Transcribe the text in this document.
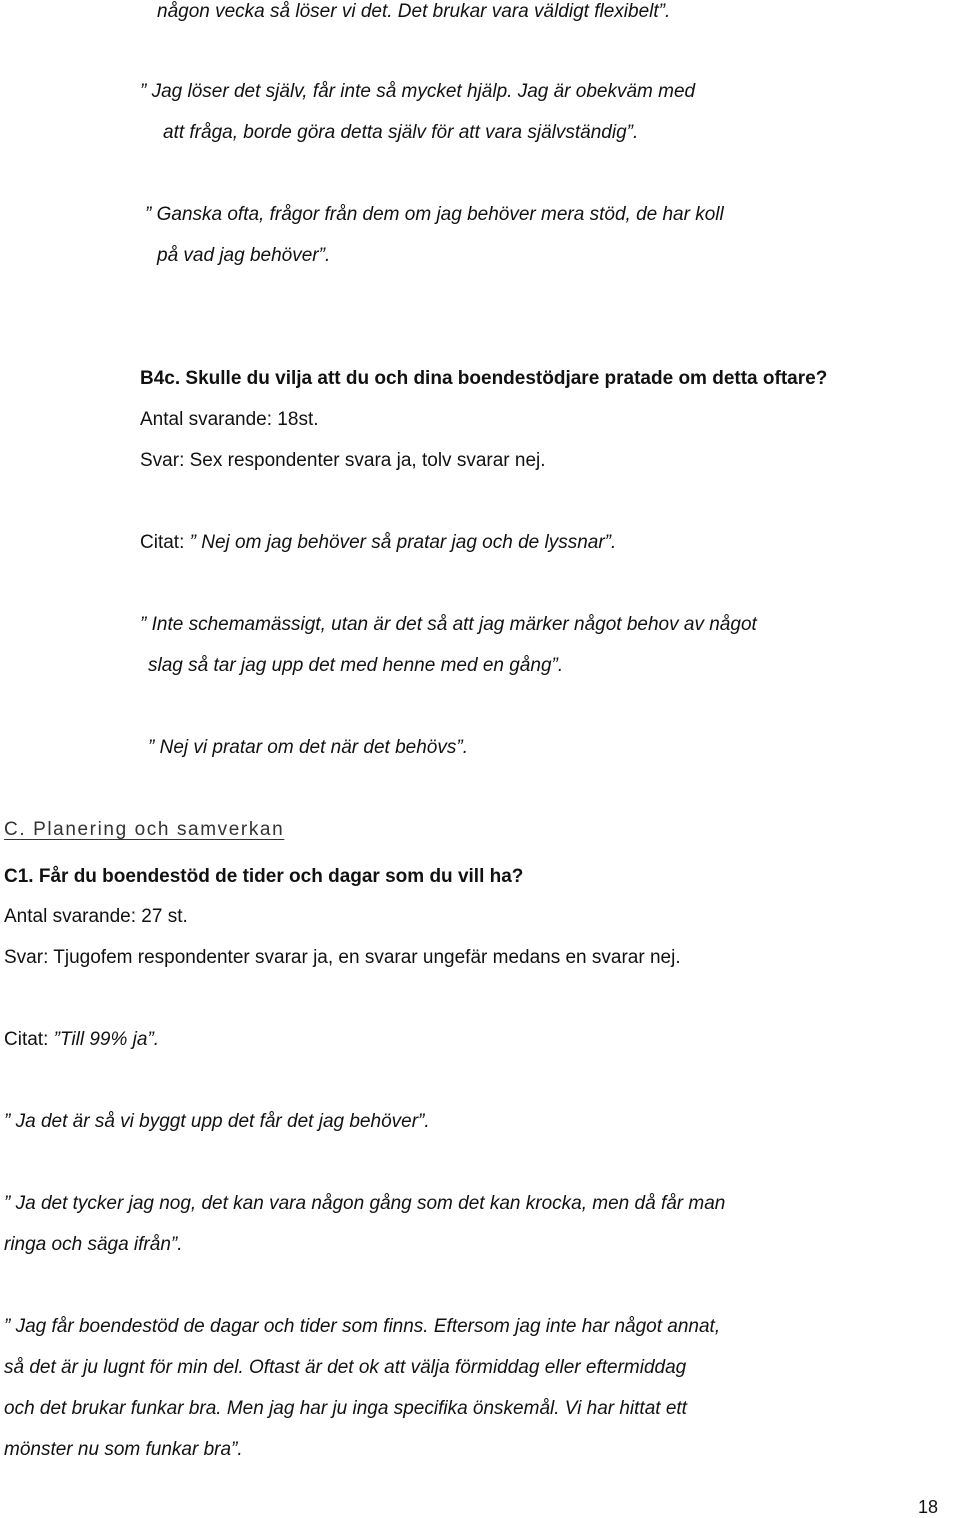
någon vecka så löser vi det. Det brukar vara väldigt flexibelt”.
” Jag löser det själv, får inte så mycket hjälp. Jag är obekväm med
att fråga, borde göra detta själv för att vara självständig”.
” Ganska ofta, frågor från dem om jag behöver mera stöd, de har koll
på vad jag behöver”.
B4c. Skulle du vilja att du och dina boendestödjare pratade om detta oftare?
Antal svarande: 18st.
Svar: Sex respondenter svara ja, tolv svarar nej.
Citat: ” Nej om jag behöver så pratar jag och de lyssnar”.
” Inte schemamässigt, utan är det så att jag märker något behov av något
slag så tar jag upp det med henne med en gång”.
” Nej vi pratar om det när det behövs”.
C. Planering och samverkan
C1. Får du boendestöd de tider och dagar som du vill ha?
Antal svarande: 27 st.
Svar: Tjugofem respondenter svarar ja, en svarar ungefär medans en svarar nej.
Citat: ”Till 99% ja”.
” Ja det är så vi byggt upp det får det jag behöver”.
” Ja det tycker jag nog, det kan vara någon gång som det kan krocka, men då får man
ringa och säga ifrån”.
” Jag får boendestöd de dagar och tider som finns. Eftersom jag inte har något annat,
så det är ju lugnt för min del. Oftast är det ok att välja förmiddag eller eftermiddag
och det brukar funkar bra. Men jag har ju inga specifika önskemål. Vi har hittat ett
mönster nu som funkar bra”.
18
